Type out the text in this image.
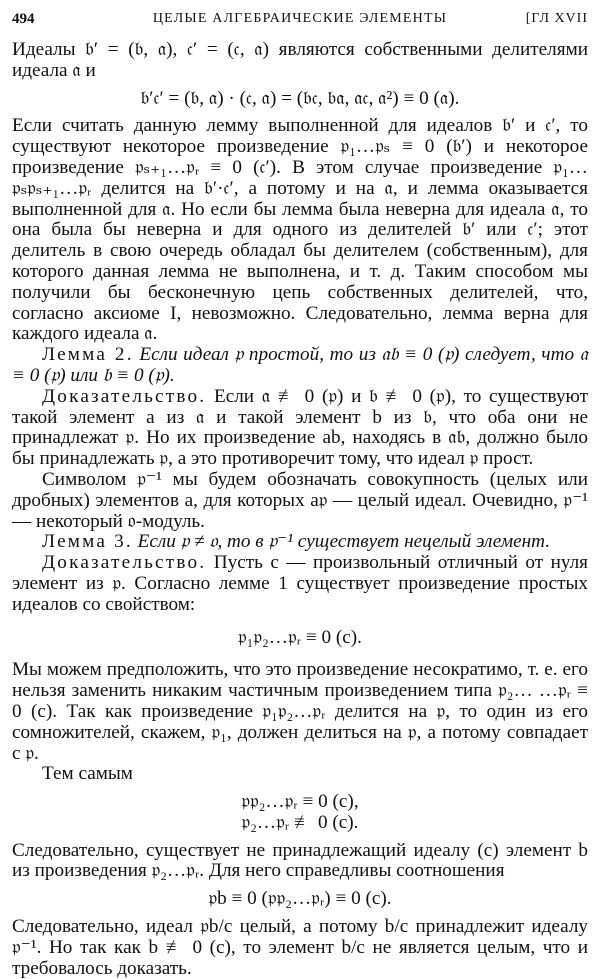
494	ЦЕЛЫЕ АЛГЕБРАИЧЕСКИЕ ЭЛЕМЕНТЫ	[ГЛ XVII

Идеалы 𝔟′ = (𝔟, 𝔞), 𝔠′ = (𝔠, 𝔞) являются собственными делителями идеала 𝔞 и

𝔟′𝔠′ = (𝔟, 𝔞) · (𝔠, 𝔞) = (𝔟𝔠, 𝔟𝔞, 𝔞𝔠, 𝔞²) ≡ 0 (𝔞).

Если считать данную лемму выполненной для идеалов 𝔟′ и 𝔠′, то существуют некоторое произведение 𝔭₁…𝔭ₛ ≡ 0 (𝔟′) и некоторое произведение 𝔭ₛ₊₁…𝔭ᵣ ≡ 0 (𝔠′). В этом случае произведение 𝔭₁…𝔭ₛ𝔭ₛ₊₁…𝔭ᵣ делится на 𝔟′·𝔠′, а потому и на 𝔞, и лемма оказывается выполненной для 𝔞. Но если бы лемма была неверна для идеала 𝔞, то она была бы неверна и для одного из делителей 𝔟′ или 𝔠′; этот делитель в свою очередь обладал бы делителем (собственным), для которого данная лемма не выполнена, и т. д. Таким способом мы получили бы бесконечную цепь собственных делителей, что, согласно аксиоме I, невозможно. Следовательно, лемма верна для каждого идеала 𝔞.

Лемма 2. Если идеал 𝔭 простой, то из 𝔞𝔟 ≡ 0 (𝔭) следует, что 𝔞 ≡ 0 (𝔭) или 𝔟 ≡ 0 (𝔭).

Доказательство. Если 𝔞 ≢ 0 (𝔭) и 𝔟 ≢ 0 (𝔭), то существуют такой элемент a из 𝔞 и такой элемент b из 𝔟, что оба они не принадлежат 𝔭. Но их произведение ab, находясь в 𝔞𝔟, должно было бы принадлежать 𝔭, а это противоречит тому, что идеал 𝔭 прост.

Символом 𝔭⁻¹ мы будем обозначать совокупность (целых или дробных) элементов a, для которых a𝔭 — целый идеал. Очевидно, 𝔭⁻¹ — некоторый 𝔬-модуль.

Лемма 3. Если 𝔭 ≠ 𝔬, то в 𝔭⁻¹ существует нецелый элемент.

Доказательство. Пусть c — произвольный отличный от нуля элемент из 𝔭. Согласно лемме 1 существует произведение простых идеалов со свойством:

𝔭₁𝔭₂…𝔭ᵣ ≡ 0 (c).

Мы можем предположить, что это произведение несократимо, т. е. его нельзя заменить никаким частичным произведением типа 𝔭₂… …𝔭ᵣ ≡ 0 (c). Так как произведение 𝔭₁𝔭₂…𝔭ᵣ делится на 𝔭, то один из его сомножителей, скажем, 𝔭₁, должен делиться на 𝔭, а потому совпадает с 𝔭.

Тем самым

𝔭𝔭₂…𝔭ᵣ ≡ 0 (c),
𝔭₂…𝔭ᵣ ≢ 0 (c).

Следовательно, существует не принадлежащий идеалу (c) элемент b из произведения 𝔭₂…𝔭ᵣ. Для него справедливы соотношения

𝔭b ≡ 0 (𝔭𝔭₂…𝔭ᵣ) ≡ 0 (c).

Следовательно, идеал 𝔭b/c целый, а потому b/c принадлежит идеалу 𝔭⁻¹. Но так как b ≢ 0 (c), то элемент b/c не является целым, что и требовалось доказать.
